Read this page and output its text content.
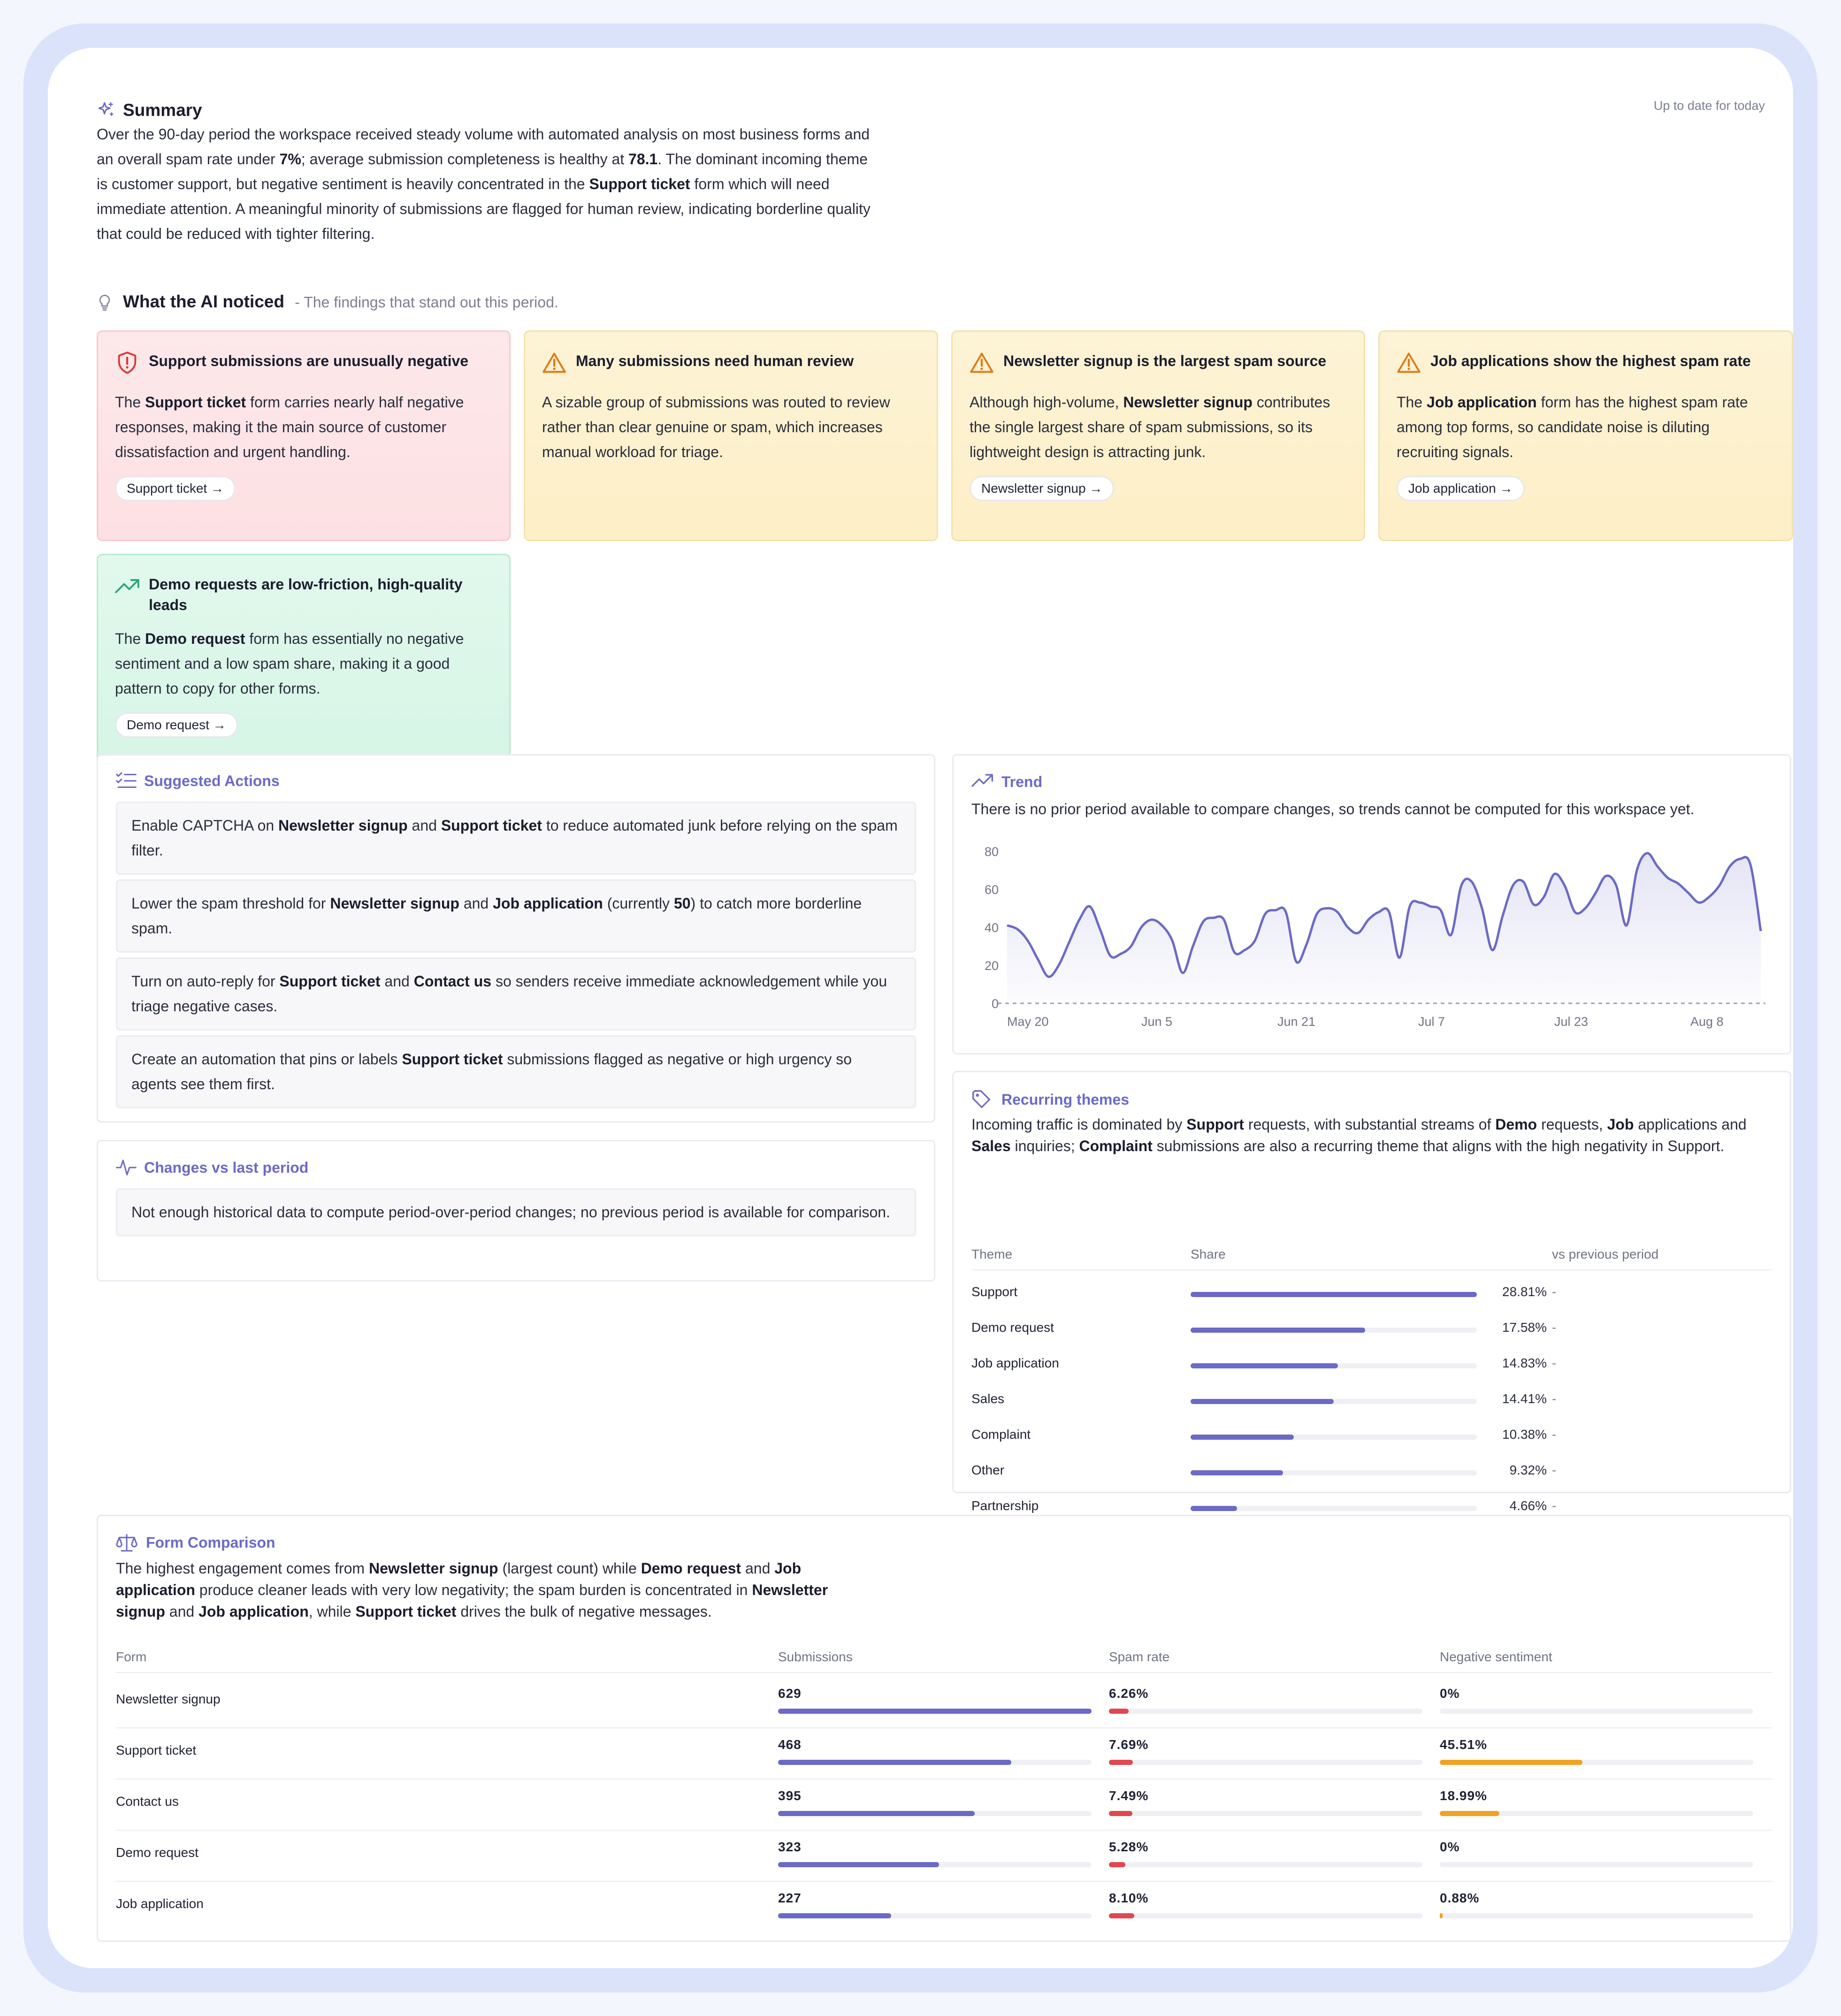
Summary	Up to date for today
Over the 90-day period the workspace received steady volume with automated analysis on most business forms and an overall spam rate under 7%; average submission completeness is healthy at 78.1. The dominant incoming theme is customer support, but negative sentiment is heavily concentrated in the Support ticket form which will need immediate attention. A meaningful minority of submissions are flagged for human review, indicating borderline quality that could be reduced with tighter filtering.
What the AI noticed - The findings that stand out this period.
Support submissions are unusually negative
The Support ticket form carries nearly half negative responses, making it the main source of customer dissatisfaction and urgent handling.
Support ticket →
Many submissions need human review
A sizable group of submissions was routed to review rather than clear genuine or spam, which increases manual workload for triage.
Newsletter signup is the largest spam source
Although high-volume, Newsletter signup contributes the single largest share of spam submissions, so its lightweight design is attracting junk.
Newsletter signup →
Job applications show the highest spam rate
The Job application form has the highest spam rate among top forms, so candidate noise is diluting recruiting signals.
Job application →
Demo requests are low-friction, high-quality leads
The Demo request form has essentially no negative sentiment and a low spam share, making it a good pattern to copy for other forms.
Demo request →
Suggested Actions
Enable CAPTCHA on Newsletter signup and Support ticket to reduce automated junk before relying on the spam filter.
Lower the spam threshold for Newsletter signup and Job application (currently 50) to catch more borderline spam.
Turn on auto-reply for Support ticket and Contact us so senders receive immediate acknowledgement while you triage negative cases.
Create an automation that pins or labels Support ticket submissions flagged as negative or high urgency so agents see them first.
Changes vs last period
Not enough historical data to compute period-over-period changes; no previous period is available for comparison.
Trend
There is no prior period available to compare changes, so trends cannot be computed for this workspace yet.
80
60
40
20
0
May 20	Jun 5	Jun 21	Jul 7	Jul 23	Aug 8
Recurring themes
Incoming traffic is dominated by Support requests, with substantial streams of Demo requests, Job applications and Sales inquiries; Complaint submissions are also a recurring theme that aligns with the high negativity in Support.
Theme	Share	vs previous period
Support	28.81% -
Demo request	17.58% -
Job application	14.83% -
Sales	14.41% -
Complaint	10.38% -
Other	9.32% -
Partnership	4.66% -
Form Comparison
The highest engagement comes from Newsletter signup (largest count) while Demo request and Job application produce cleaner leads with very low negativity; the spam burden is concentrated in Newsletter signup and Job application, while Support ticket drives the bulk of negative messages.
Form	Submissions	Spam rate	Negative sentiment
Newsletter signup	629	6.26%	0%
Support ticket	468	7.69%	45.51%
Contact us	395	7.49%	18.99%
Demo request	323	5.28%	0%
Job application	227	8.10%	0.88%
